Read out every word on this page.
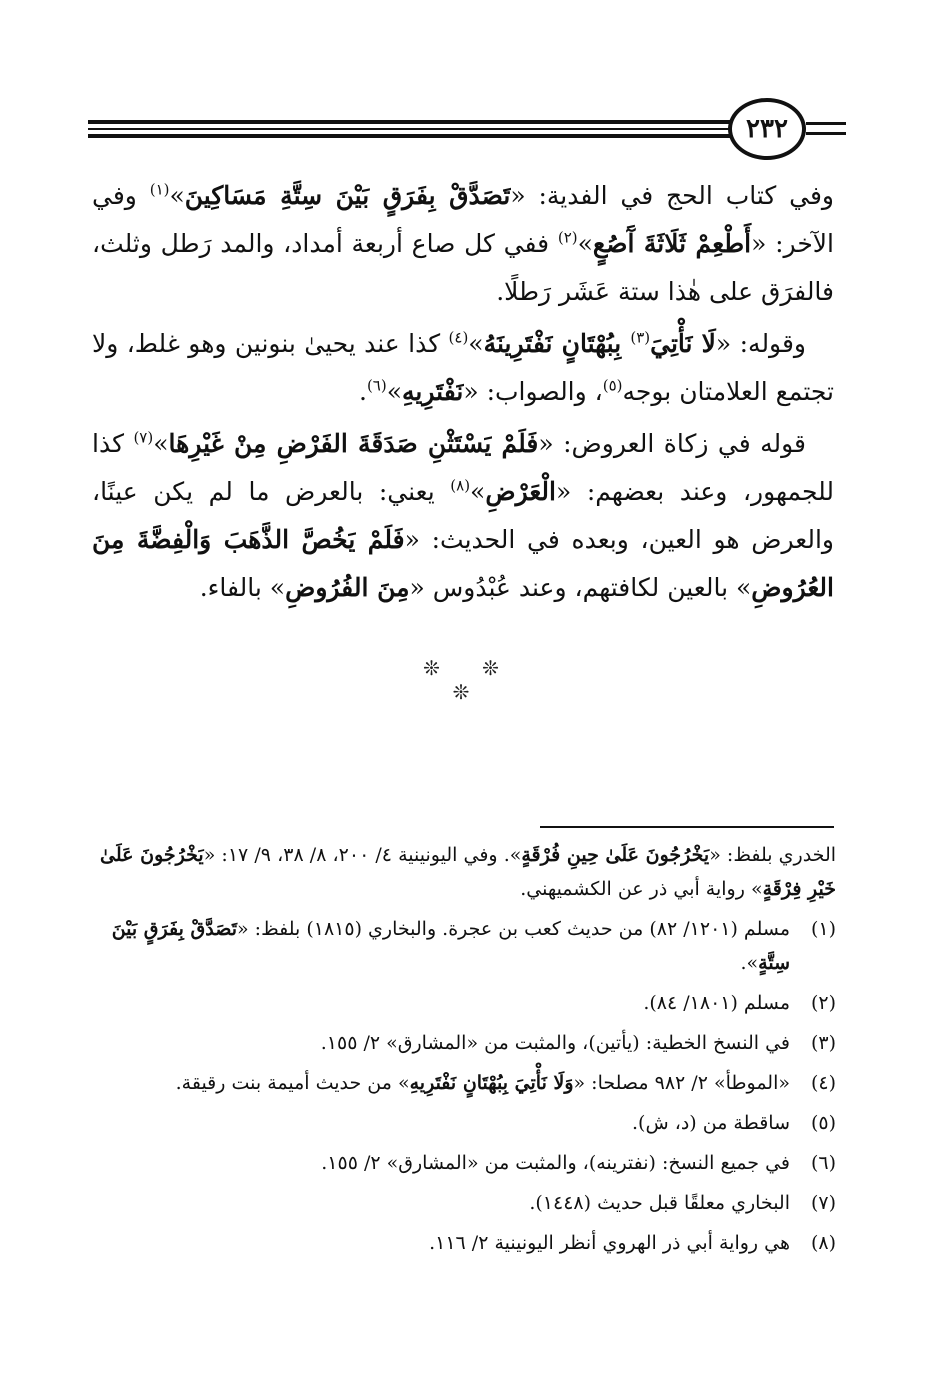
٢٣٢

وفي كتاب الحج في الفدية: «تَصَدَّقْ بِفَرَقٍ بَيْنَ سِتَّةِ مَسَاكِينَ»$^{(١)}$ وفي الآخر: «أَطْعِمْ ثَلَاثَةَ آَصُعٍ»$^{(٢)}$ ففي كل صاع أربعة أمداد، والمد رَطل وثلث، فالفرَق على هٰذا ستة عَشَر رَطلًا.

وقوله: «لَا نَأْتِيَ$^{(٣)}$ بِبُهْتَانٍ نَفْتَرِينَهُ»$^{(٤)}$ كذا عند يحيىٰ بنونين وهو غلط، ولا تجتمع العلامتان بوجه$^{(٥)}$، والصواب: «نَفْتَرِيهِ»$^{(٦)}$.

قوله في زكاة العروض: «فَلَمْ يَسْتَثْنِ صَدَقَةَ الفَرْضِ مِنْ غَيْرِهَا»$^{(٧)}$ كذا للجمهور، وعند بعضهم: «الْعَرْضِ»$^{(٨)}$ يعني: بالعرض ما لم يكن عينًا، والعرض هو العين، وبعده في الحديث: «فَلَمْ يَخُصَّ الذَّهَبَ وَالْفِضَّةَ مِنَ العُرُوضِ» بالعين لكافتهم، وعند عُبْدُوس «مِنَ الفُرُوضِ» بالفاء.

❊ ❊ ❊
الخدري بلفظ: «يَخْرُجُونَ عَلَىٰ حِينِ فُرْقَةٍ». وفي اليونينية ٤/ ٢٠٠، ٨/ ٣٨، ٩/ ١٧: «يَخْرُجُونَ عَلَىٰ خَيْرِ فِرْقَةٍ» رواية أبي ذر عن الكشميهني.
(١)
مسلم (١٢٠١/ ٨٢) من حديث كعب بن عجرة. والبخاري (١٨١٥) بلفظ: «تَصَدَّقْ بِفَرَقٍ بَيْنَ سِتَّةٍ».
(٢)
مسلم (١٨٠١/ ٨٤).
(٣)
في النسخ الخطية: (يأتين)، والمثبت من «المشارق» ٢/ ١٥٥.
(٤)
«الموطأ» ٢/ ٩٨٢ مصلحا: «وَلَا نَأْتِيَ بِبُهْتَانٍ نَفْتَرِيهِ» من حديث أميمة بنت رقيقة.
(٥)
ساقطة من (د، ش).
(٦)
في جميع النسخ: (نفترينه)، والمثبت من «المشارق» ٢/ ١٥٥.
(٧)
البخاري معلقًا قبل حديث (١٤٤٨).
(٨)
هي رواية أبي ذر الهروي أنظر اليونينية ٢/ ١١٦.
